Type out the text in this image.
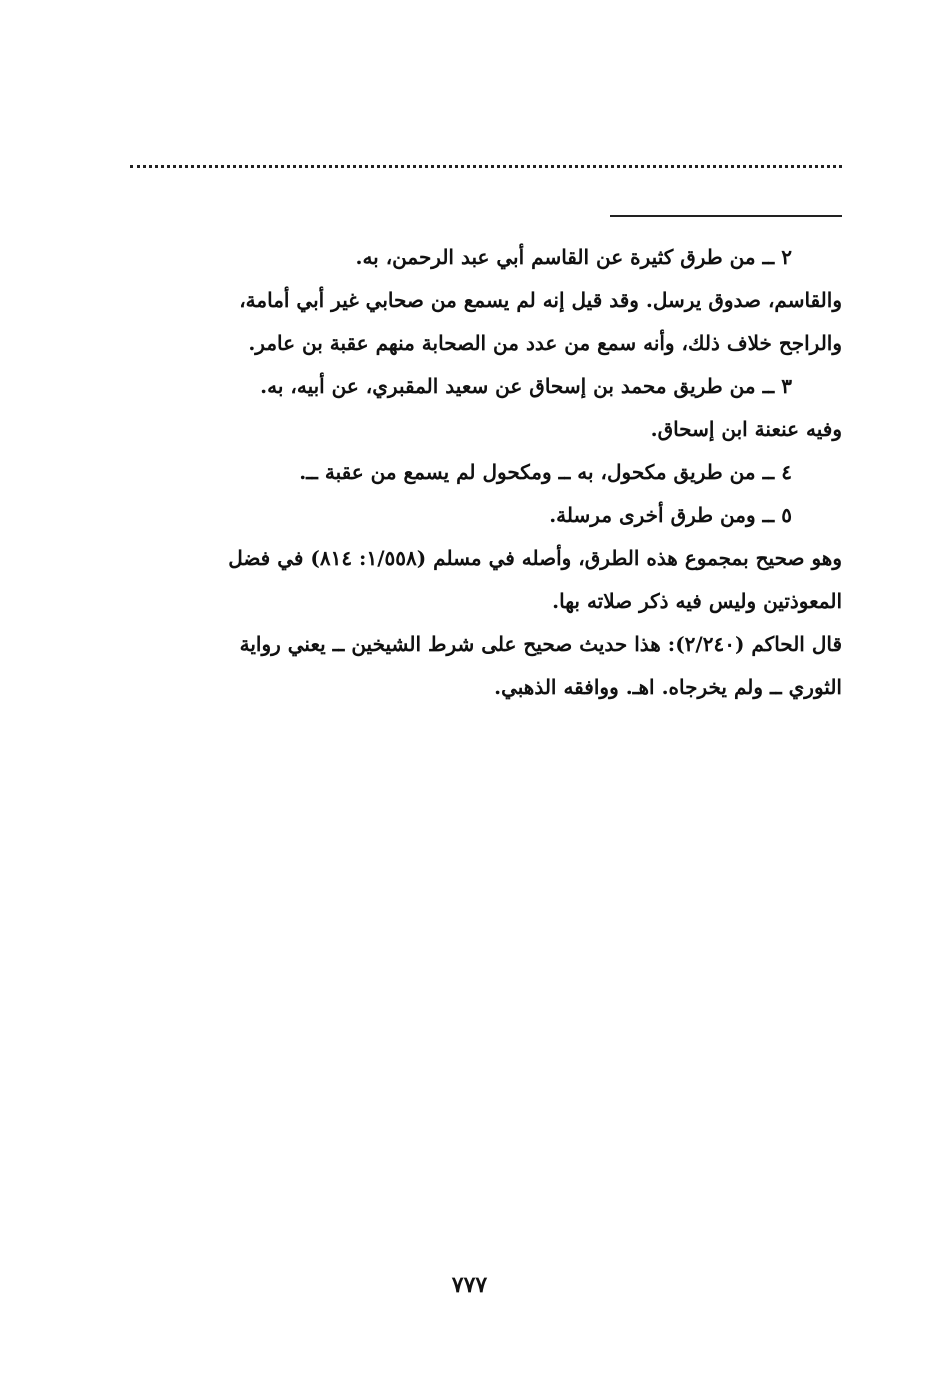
٢ ــ من طرق كثيرة عن القاسم أبي عبد الرحمن، به.

والقاسم، صدوق يرسل. وقد قيل إنه لم يسمع من صحابي غير أبي أمامة،

والراجح خلاف ذلك، وأنه سمع من عدد من الصحابة منهم عقبة بن عامر.

٣ ــ من طريق محمد بن إسحاق عن سعيد المقبري، عن أبيه، به.

وفيه عنعنة ابن إسحاق.

٤ ــ من طريق مكحول، به ــ ومكحول لم يسمع من عقبة ــ.

٥ ــ ومن طرق أخرى مرسلة.

وهو صحيح بمجموع هذه الطرق، وأصله في مسلم (١/٥٥٨: ٨١٤) في فضل

المعوذتين وليس فيه ذكر صلاته بها.

قال الحاكم (٢/٢٤٠): هذا حديث صحيح على شرط الشيخين ــ يعني رواية

الثوري ــ ولم يخرجاه. اهـ. ووافقه الذهبي.

٧٧٧
